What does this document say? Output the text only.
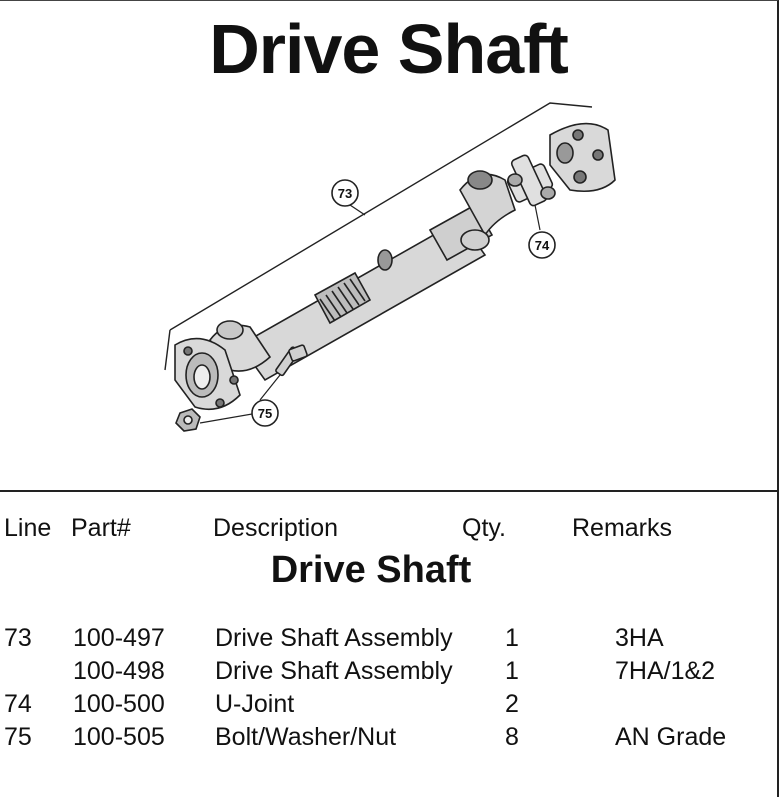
Drive Shaft
73
74
75
Line Part#	Description	Qty.	Remarks
Drive Shaft
73 100-497 Drive Shaft Assembly 1	3HA
100-498 Drive Shaft Assembly 1	7HA/1&2
74 100-500 U-Joint	2
75 100-505 Bolt/Washer/Nut	8	AN Grade
